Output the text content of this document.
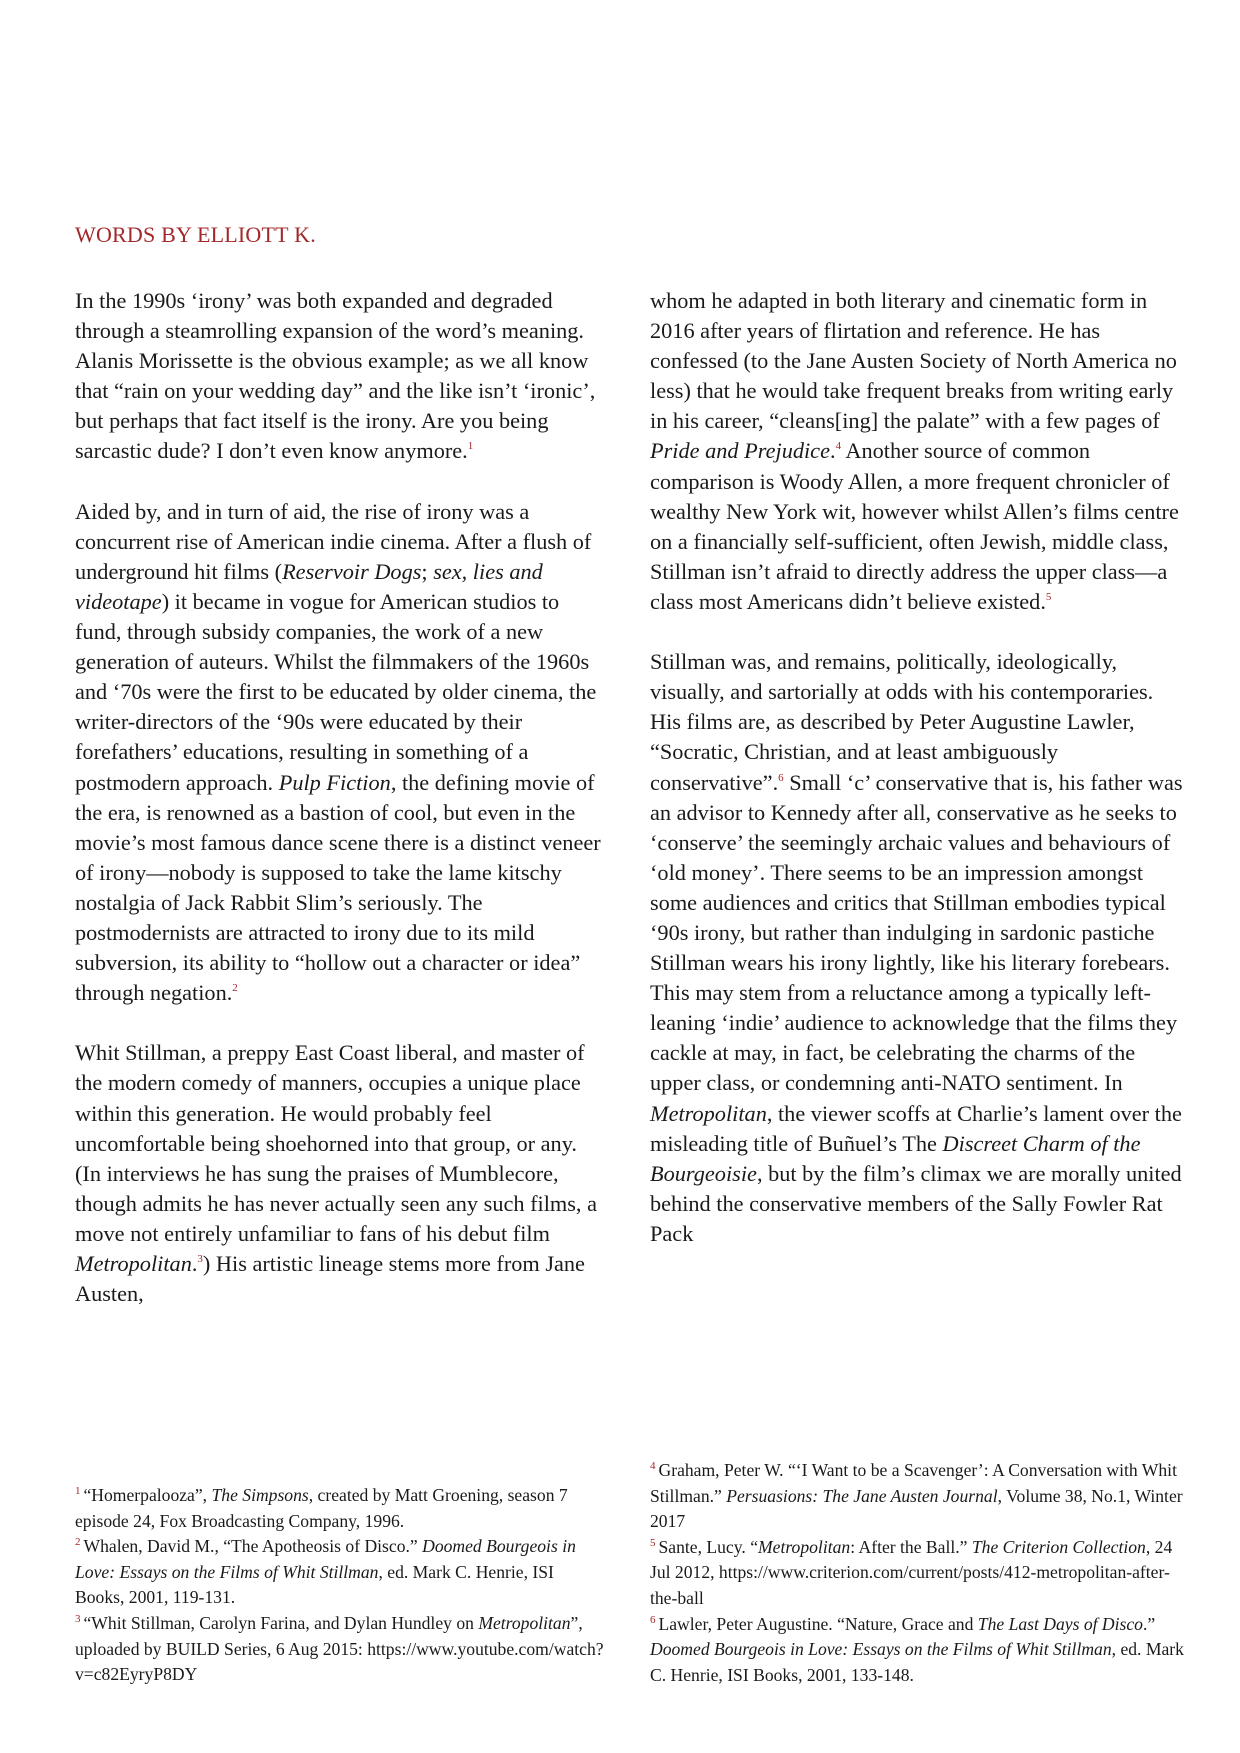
WORDS BY ELLIOTT K.

In the 1990s ‘irony’ was both expanded and degraded through a steamrolling expansion of the word’s meaning. Alanis Morissette is the obvious example; as we all know that “rain on your wedding day” and the like isn’t ‘ironic’, but perhaps that fact itself is the irony. Are you being sarcastic dude? I don’t even know anymore.$^1$

Aided by, and in turn of aid, the rise of irony was a concurrent rise of American indie cinema. After a flush of underground hit films (Reservoir Dogs; sex, lies and videotape) it became in vogue for American studios to fund, through subsidy companies, the work of a new generation of auteurs. Whilst the filmmakers of the 1960s and ‘70s were the first to be educated by older cinema, the writer-directors of the ‘90s were educated by their forefathers’ educations, resulting in something of a postmodern approach. Pulp Fiction, the defining movie of the era, is renowned as a bastion of cool, but even in the movie’s most famous dance scene there is a distinct veneer of irony—nobody is supposed to take the lame kitschy nostalgia of Jack Rabbit Slim’s seriously. The postmodernists are attracted to irony due to its mild subversion, its ability to “hollow out a character or idea” through negation.$^2$

Whit Stillman, a preppy East Coast liberal, and master of the modern comedy of manners, occupies a unique place within this generation. He would probably feel uncomfortable being shoehorned into that group, or any. (In interviews he has sung the praises of Mumblecore, though admits he has never actually seen any such films, a move not entirely unfamiliar to fans of his debut film Metropolitan.$^3$) His artistic lineage stems more from Jane Austen,

whom he adapted in both literary and cinematic form in 2016 after years of flirtation and reference. He has confessed (to the Jane Austen Society of North America no less) that he would take frequent breaks from writing early in his career, “cleans[ing] the palate” with a few pages of Pride and Prejudice.$^4$ Another source of common comparison is Woody Allen, a more frequent chronicler of wealthy New York wit, however whilst Allen’s films centre on a financially self-sufficient, often Jewish, middle class, Stillman isn’t afraid to directly address the upper class—a class most Americans didn’t believe existed.$^5$

Stillman was, and remains, politically, ideologically, visually, and sartorially at odds with his contemporaries. His films are, as described by Peter Augustine Lawler, “Socratic, Christian, and at least ambiguously conservative”.$^6$ Small ‘c’ conservative that is, his father was an advisor to Kennedy after all, conservative as he seeks to ‘conserve’ the seemingly archaic values and behaviours of ‘old money’. There seems to be an impression amongst some audiences and critics that Stillman embodies typical ‘90s irony, but rather than indulging in sardonic pastiche Stillman wears his irony lightly, like his literary forebears. This may stem from a reluctance among a typically left-leaning ‘indie’ audience to acknowledge that the films they cackle at may, in fact, be celebrating the charms of the upper class, or condemning anti-NATO sentiment. In Metropolitan, the viewer scoffs at Charlie’s lament over the misleading title of Buñuel’s The Discreet Charm of the Bourgeoisie, but by the film’s climax we are morally united behind the conservative members of the Sally Fowler Rat Pack

$^1$ “Homerpalooza”, The Simpsons, created by Matt Groening, season 7 episode 24, Fox Broadcasting Company, 1996.

$^2$ Whalen, David M., “The Apotheosis of Disco.” Doomed Bourgeois in Love: Essays on the Films of Whit Stillman, ed. Mark C. Henrie, ISI Books, 2001, 119-131.

$^3$ “Whit Stillman, Carolyn Farina, and Dylan Hundley on Metropolitan”, uploaded by BUILD Series, 6 Aug 2015: https://www.youtube.com/watch?v=c82EyryP8DY

$^4$ Graham, Peter W. “‘I Want to be a Scavenger’: A Conversation with Whit Stillman.” Persuasions: The Jane Austen Journal, Volume 38, No.1, Winter 2017

$^5$ Sante, Lucy. “Metropolitan: After the Ball.” The Criterion Collection, 24 Jul 2012, https://www.criterion.com/current/posts/412-metropolitan-after-the-ball

$^6$ Lawler, Peter Augustine. “Nature, Grace and The Last Days of Disco.” Doomed Bourgeois in Love: Essays on the Films of Whit Stillman, ed. Mark C. Henrie, ISI Books, 2001, 133-148.
